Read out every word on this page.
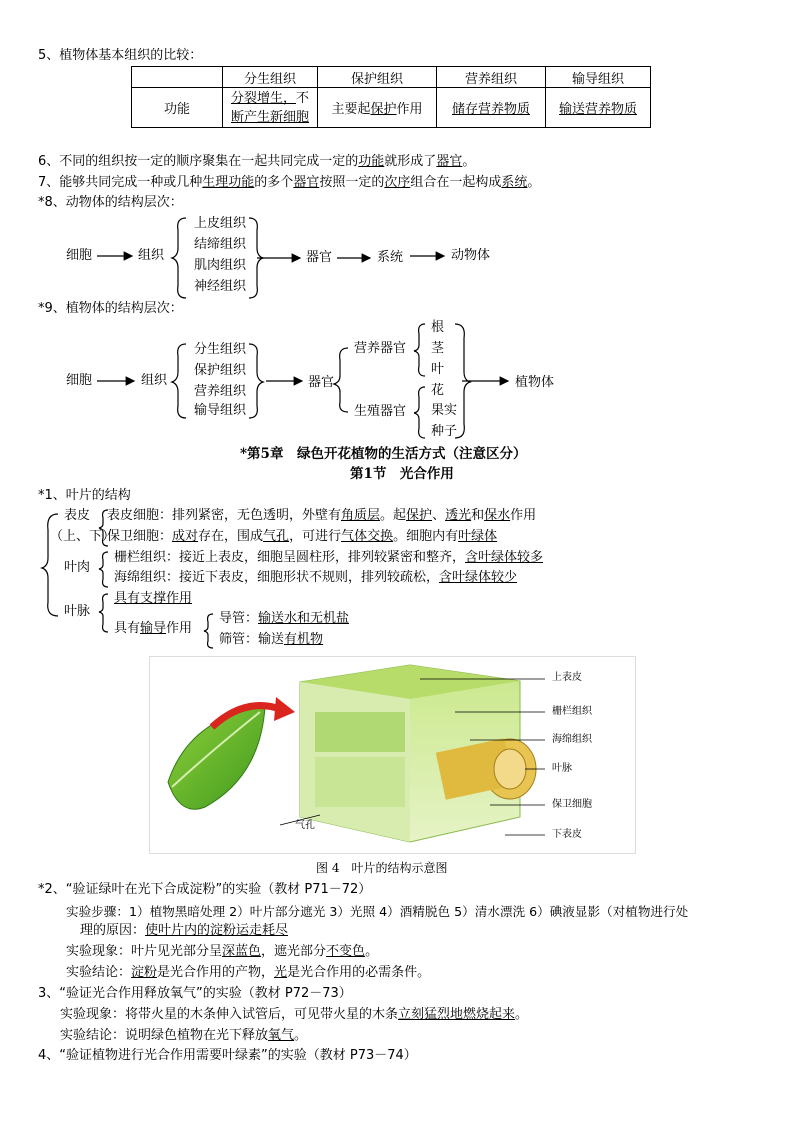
5、植物体基本组织的比较：
	分生组织	保护组织	营养组织	输导组织
功能	分裂增生，不
断产生新细胞	主要起保护作用	储存营养物质	输送营养物质
6、不同的组织按一定的顺序聚集在一起共同完成一定的功能就形成了器官。
7、能够共同完成一种或几种生理功能的多个器官按照一定的次序组合在一起构成系统。
*8、动物体的结构层次：
细胞	组织
上皮组织
结缔组织
肌肉组织
神经组织
器官	系统	动物体
*9、植物体的结构层次：
细胞	组织
分生组织
保护组织
营养组织
输导组织
器官
营养器官
根
茎
叶
生殖器官
花
果实
种子
植物体
*第5章　绿色开花植物的生活方式（注意区分）
第1节　光合作用
*1、叶片的结构
表皮
（上、下）
表皮细胞：排列紧密，无色透明，外壁有角质层。起保护、透光和保水作用
保卫细胞：成对存在，围成气孔，可进行气体交换。细胞内有叶绿体
叶肉
栅栏组织：接近上表皮，细胞呈圆柱形，排列较紧密和整齐，含叶绿体较多
海绵组织：接近下表皮，细胞形状不规则，排列较疏松，含叶绿体较少
叶脉
具有支撑作用
具有输导作用
导管：输送水和无机盐
筛管：输送有机物
上表皮
栅栏组织
海绵组织
叶脉
保卫细胞
下表皮
气孔
图 4　叶片的结构示意图
*2、“验证绿叶在光下合成淀粉”的实验（教材 P71－72）
实验步骤：1）植物黑暗处理 2）叶片部分遮光 3）光照 4）酒精脱色 5）清水漂洗 6）碘液显影（对植物进行处
理的原因：使叶片内的淀粉运走耗尽
实验现象：叶片见光部分呈深蓝色，遮光部分不变色。
实验结论：淀粉是光合作用的产物，光是光合作用的必需条件。
3、“验证光合作用释放氧气”的实验（教材 P72－73）
实验现象：将带火星的木条伸入试管后，可见带火星的木条立刻猛烈地燃烧起来。
实验结论：说明绿色植物在光下释放氧气。
4、“验证植物进行光合作用需要叶绿素”的实验（教材 P73－74）
